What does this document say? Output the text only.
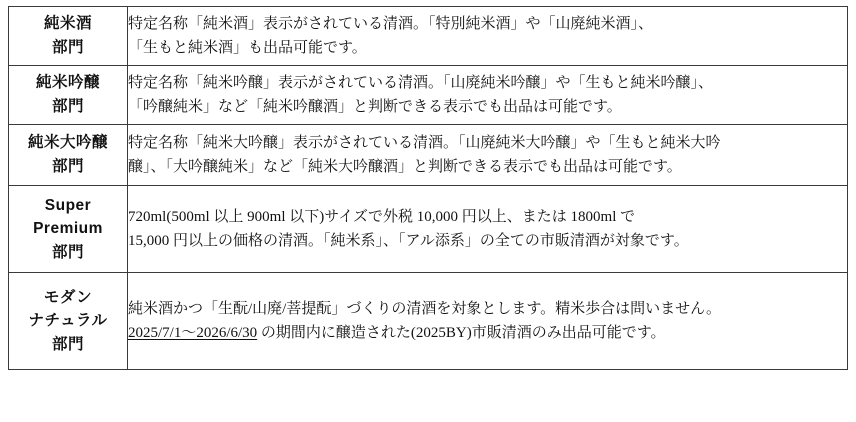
純米酒
部門	特定名称「純米酒」表示がされている清酒。「特別純米酒」や「山廃純米酒」、
「生もと純米酒」も出品可能です。

純米吟醸
部門	特定名称「純米吟醸」表示がされている清酒。「山廃純米吟醸」や「生もと純米吟醸」、
「吟醸純米」など「純米吟醸酒」と判断できる表示でも出品は可能です。

純米大吟醸
部門	特定名称「純米大吟醸」表示がされている清酒。「山廃純米大吟醸」や「生もと純米大吟
醸」、「大吟醸純米」など「純米大吟醸酒」と判断できる表示でも出品は可能です。

Super
Premium
部門	720ml(500ml 以上 900ml 以下)サイズで外税 10,000 円以上、または 1800ml で
15,000 円以上の価格の清酒。「純米系」、「アル添系」の全ての市販清酒が対象です。

モダン
ナチュラル
部門	純米酒かつ「生酛/山廃/菩提酛」づくりの清酒を対象とします。精米歩合は問いません。
2025/7/1〜2026/6/30 の期間内に醸造された(2025BY)市販清酒のみ出品可能です。
